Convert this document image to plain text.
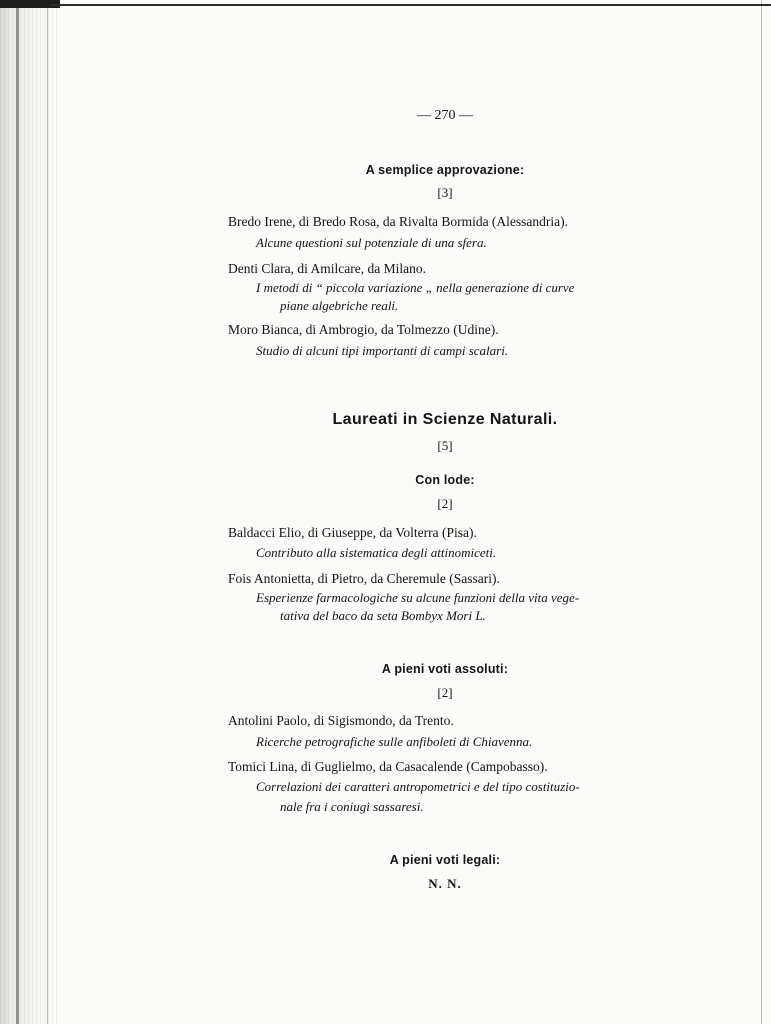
— 270 —
A semplice approvazione:
[3]
Bredo Irene, di Bredo Rosa, da Rivalta Bormida (Alessandria).
Alcune questioni sul potenziale di una sfera.
Denti Clara, di Amilcare, da Milano.
I metodi di “ piccola variazione „ nella generazione di curve
piane algebriche reali.
Moro Bianca, di Ambrogio, da Tolmezzo (Udine).
Studio di alcuni tipi importanti di campi scalari.
Laureati in Scienze Naturali.
[5]
Con lode:
[2]
Baldacci Elio, di Giuseppe, da Volterra (Pisa).
Contributo alla sistematica degli attinomiceti.
Fois Antonietta, di Pietro, da Cheremule (Sassari).
Esperienze farmacologiche su alcune funzioni della vita vege-
tativa del baco da seta Bombyx Mori L.
A pieni voti assoluti:
[2]
Antolini Paolo, di Sigismondo, da Trento.
Ricerche petrografiche sulle anfiboleti di Chiavenna.
Tomici Lina, di Guglielmo, da Casacalende (Campobasso).
Correlazioni dei caratteri antropometrici e del tipo costituzio-
nale fra i coniugi sassaresi.
A pieni voti legali:
N. N.
